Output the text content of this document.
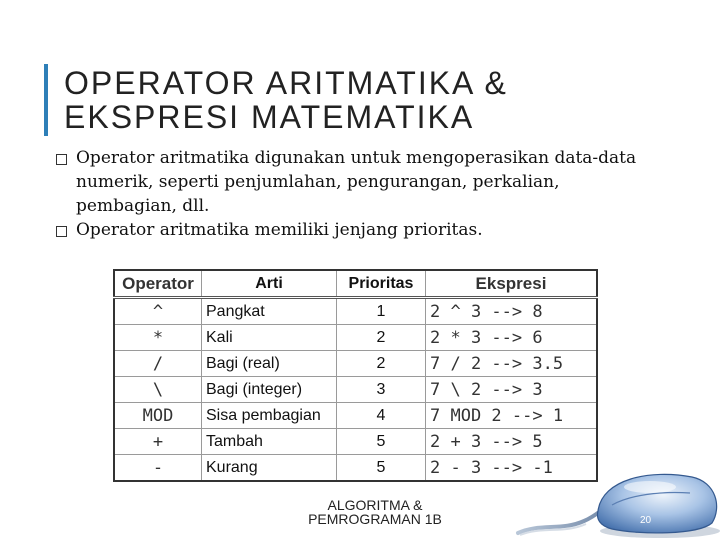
OPERATOR ARITMATIKA &
EKSPRESI MATEMATIKA
Operator aritmatika digunakan untuk mengoperasikan data-data numerik, seperti penjumlahan, pengurangan, perkalian, pembagian, dll.
Operator aritmatika memiliki jenjang prioritas.
Operator	Arti	Prioritas	Ekspresi
^	Pangkat	1	2 ^ 3 --> 8
*	Kali	2	2 * 3 --> 6
/	Bagi (real)	2	7 / 2 --> 3.5
\	Bagi (integer)	3	7 \ 2 --> 3
MOD	Sisa pembagian	4	7 MOD 2 --> 1
+	Tambah	5	2 + 3 --> 5
-	Kurang	5	2 - 3 --> -1
ALGORITMA &
PEMROGRAMAN 1B	20
